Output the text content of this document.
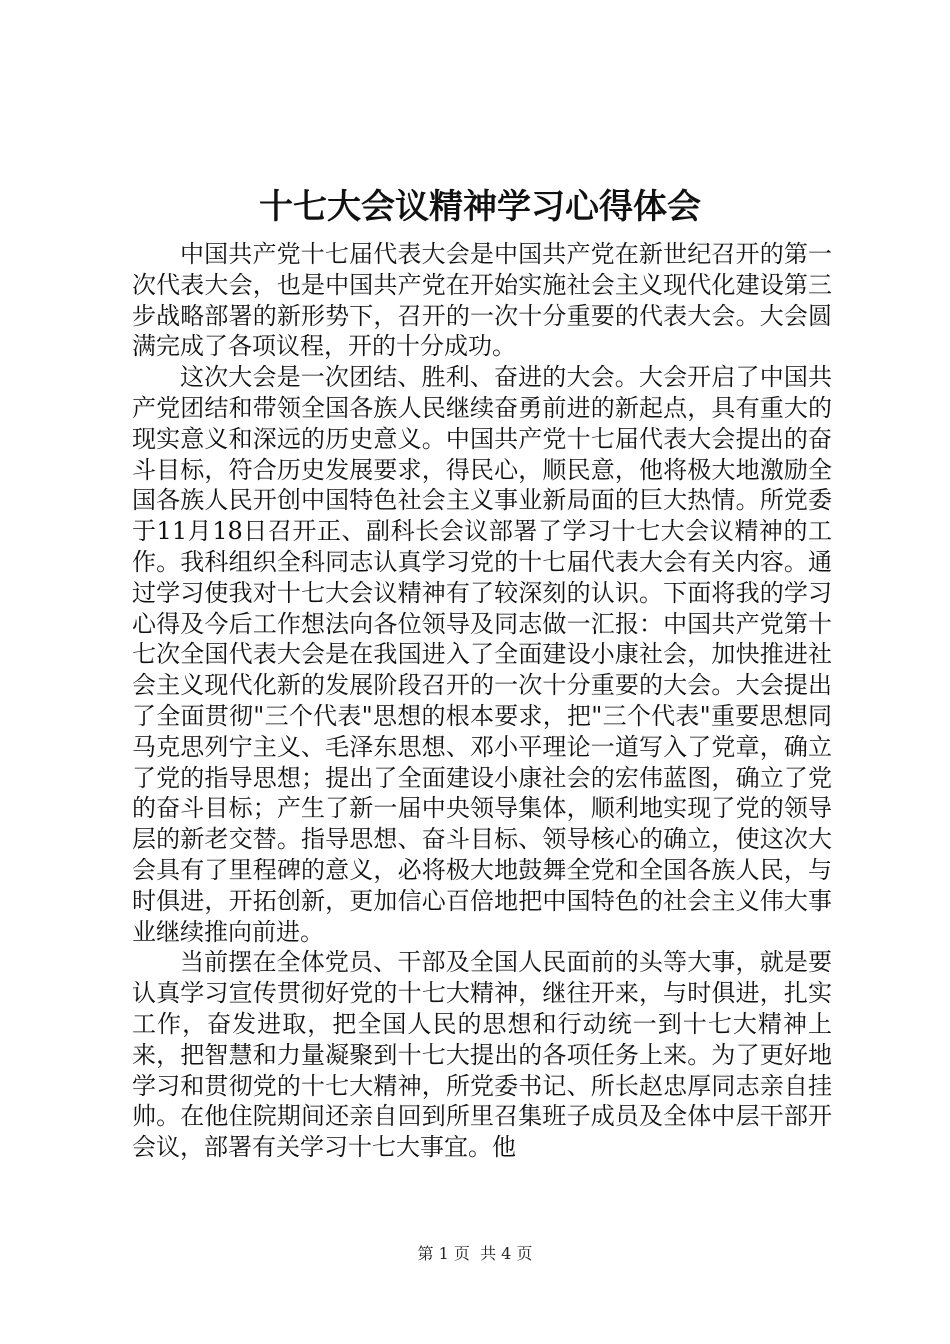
十七大会议精神学习心得体会

中国共产党十七届代表大会是中国共产党在新世纪召开的第一次代表大会，也是中国共产党在开始实施社会主义现代化建设第三步战略部署的新形势下，召开的一次十分重要的代表大会。大会圆满完成了各项议程，开的十分成功。

这次大会是一次团结、胜利、奋进的大会。大会开启了中国共产党团结和带领全国各族人民继续奋勇前进的新起点，具有重大的现实意义和深远的历史意义。中国共产党十七届代表大会提出的奋斗目标，符合历史发展要求，得民心，顺民意，他将极大地激励全国各族人民开创中国特色社会主义事业新局面的巨大热情。所党委于11月18日召开正、副科长会议部署了学习十七大会议精神的工作。我科组织全科同志认真学习党的十七届代表大会有关内容。通过学习使我对十七大会议精神有了较深刻的认识。下面将我的学习心得及今后工作想法向各位领导及同志做一汇报：中国共产党第十七次全国代表大会是在我国进入了全面建设小康社会，加快推进社会主义现代化新的发展阶段召开的一次十分重要的大会。大会提出了全面贯彻"三个代表"思想的根本要求，把"三个代表"重要思想同马克思列宁主义、毛泽东思想、邓小平理论一道写入了党章，确立了党的指导思想；提出了全面建设小康社会的宏伟蓝图，确立了党的奋斗目标；产生了新一届中央领导集体，顺利地实现了党的领导层的新老交替。指导思想、奋斗目标、领导核心的确立，使这次大会具有了里程碑的意义，必将极大地鼓舞全党和全国各族人民，与时俱进，开拓创新，更加信心百倍地把中国特色的社会主义伟大事业继续推向前进。

当前摆在全体党员、干部及全国人民面前的头等大事，就是要认真学习宣传贯彻好党的十七大精神，继往开来，与时俱进，扎实工作，奋发进取，把全国人民的思想和行动统一到十七大精神上来，把智慧和力量凝聚到十七大提出的各项任务上来。为了更好地学习和贯彻党的十七大精神，所党委书记、所长赵忠厚同志亲自挂帅。在他住院期间还亲自回到所里召集班子成员及全体中层干部开会议，部署有关学习十七大事宜。他

第 1 页  共 4 页
